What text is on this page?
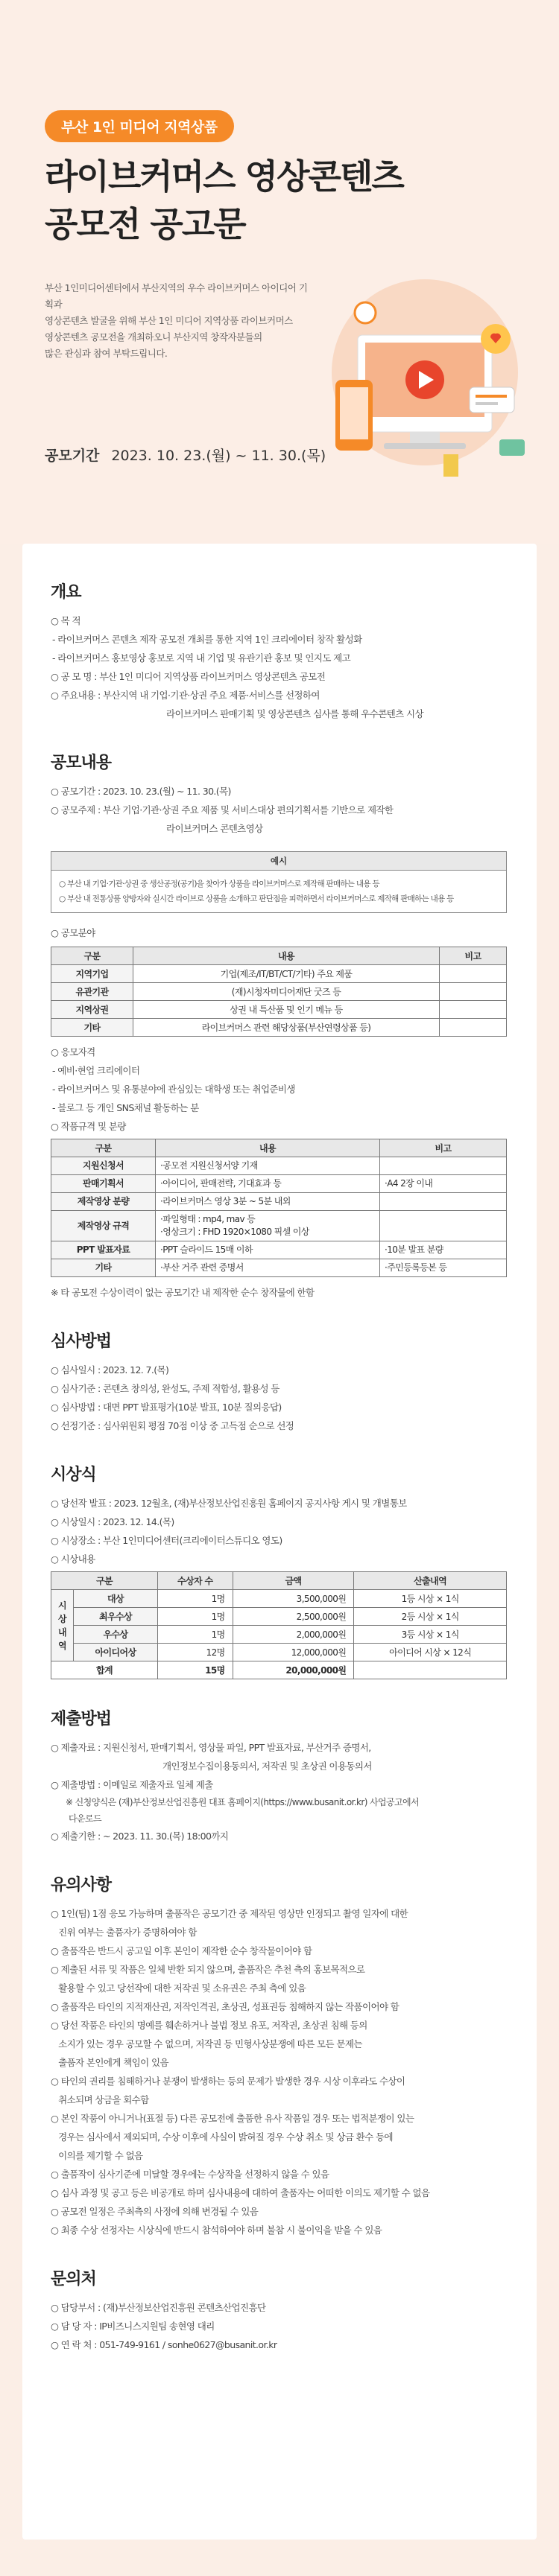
부산 1인 미디어 지역상품
라이브커머스 영상콘텐츠
공모전 공고문
부산 1인미디어센터에서 부산지역의 우수 라이브커머스 아이디어 기획과
영상콘텐츠 발굴을 위해 부산 1인 미디어 지역상품 라이브커머스
영상콘텐츠 공모전을 개최하오니 부산지역 창작자분들의
많은 관심과 참여 부탁드립니다.
공모기간 2023. 10. 23.(월) ~ 11. 30.(목)
개요
○ 목 적
- 라이브커머스 콘텐츠 제작 공모전 개최를 통한 지역 1인 크리에이터 창작 활성화
- 라이브커머스 홍보영상 홍보로 지역 내 기업 및 유관기관 홍보 및 인지도 제고
○ 공 모 명 : 부산 1인 미디어 지역상품 라이브커머스 영상콘텐츠 공모전
○ 주요내용 : 부산지역 내 기업·기관·상권 주요 제품·서비스를 선정하여
라이브커머스 판매기획 및 영상콘텐츠 심사를 통해 우수콘텐츠 시상
공모내용
○ 공모기간 : 2023. 10. 23.(월) ~ 11. 30.(목)
○ 공모주제 : 부산 기업·기관·상권 주요 제품 및 서비스대상 편의기획서를 기반으로 제작한
라이브커머스 콘텐츠영상
예시
○ 부산 내 기업·기관·상권 중 생산공정(공기)을 찾아가 상품을 라이브커머스로 제작해 판매하는 내용 등
○ 부산 내 전통상품 양방자와 실시간 라이브로 상품을 소개하고 판단점을 피력하면서 라이브커머스로 제작해 판매하는 내용 등
○ 공모분야
구분	내용	비고
지역기업	기업(제조/IT/BT/CT/기타) 주요 제품	
유관기관	(재)시청자미디어재단 굿즈 등	
지역상권	상권 내 특산품 및 인기 메뉴 등	
기타	라이브커머스 관련 해당상품(부산연령상품 등)	
○ 응모자격
- 예비·현업 크리에이터
- 라이브커머스 및 유통분야에 관심있는 대학생 또는 취업준비생
- 블로그 등 개인 SNS채널 활동하는 분
○ 작품규격 및 분량
구분	내용	비고
지원신청서	·공모전 지원신청서양 기재	
판매기획서	·아이디어, 판매전략, 기대효과 등	·A4 2장 이내
제작영상 분량	·라이브커머스 영상 3분 ~ 5분 내외	
제작영상 규격	·파일형태 : mp4, mav 등
·영상크기 : FHD 1920×1080 픽셀 이상	
PPT 발표자료	·PPT 슬라이드 15매 이하	·10분 발표 분량
기타	·부산 거주 관련 증명서	·주민등록등본 등
※ 타 공모전 수상이력이 없는 공모기간 내 제작한 순수 창작물에 한함
심사방법
○ 심사일시 : 2023. 12. 7.(목)
○ 심사기준 : 콘텐츠 창의성, 완성도, 주제 적합성, 활용성 등
○ 심사방법 : 대면 PPT 발표평가(10분 발표, 10분 질의응답)
○ 선정기준 : 심사위원회 평점 70점 이상 중 고득점 순으로 선정
시상식
○ 당선작 발표 : 2023. 12월초, (재)부산정보산업진흥원 홈페이지 공지사항 게시 및 개별통보
○ 시상일시 : 2023. 12. 14.(목)
○ 시상장소 : 부산 1인미디어센터(크리에이터스튜디오 영도)
○ 시상내용
구분		수상자 수	금액	산출내역
시
상
내
역	대상	1명	3,500,000원	1등 시상 × 1식
	최우수상	1명	2,500,000원	2등 시상 × 1식
	우수상	1명	2,000,000원	3등 시상 × 1식
	아이디어상	12명	12,000,000원	아이디어 시상 × 12식
합계		15명	20,000,000원	
제출방법
○ 제출자료 : 지원신청서, 판매기획서, 영상물 파일, PPT 발표자료, 부산거주 증명서,
개인정보수집이용동의서, 저작권 및 초상권 이용동의서
○ 제출방법 : 이메일로 제출자료 일체 제출
※ 신청양식은 (재)부산정보산업진흥원 대표 홈페이지(https://www.busanit.or.kr) 사업공고에서
다운로드
○ 제출기한 : ~ 2023. 11. 30.(목) 18:00까지
유의사항
○ 1인(팀) 1점 응모 가능하며 출품작은 공모기간 중 제작된 영상만 인정되고 촬영 일자에 대한
진위 여부는 출품자가 증명하여야 함
○ 출품작은 반드시 공고일 이후 본인이 제작한 순수 창작물이어야 함
○ 제출된 서류 및 작품은 일체 반환 되지 않으며, 출품작은 추천 측의 홍보목적으로
활용할 수 있고 당선작에 대한 저작권 및 소유권은 주최 측에 있음
○ 출품작은 타인의 지적재산권, 저작인격권, 초상권, 성표권등 침해하지 않는 작품이어야 함
○ 당선 작품은 타인의 명예를 훼손하거나 불법 정보 유포, 저작권, 초상권 침해 등의
소지가 있는 경우 공모할 수 없으며, 저작권 등 민형사상분쟁에 따른 모든 문제는
출품자 본인에게 책임이 있음
○ 타인의 권리를 침해하거나 분쟁이 발생하는 등의 문제가 발생한 경우 시상 이후라도 수상이
취소되며 상금을 회수함
○ 본인 작품이 아니거나(표절 등) 다른 공모전에 출품한 유사 작품일 경우 또는 법적분쟁이 있는
경우는 심사에서 제외되며, 수상 이후에 사실이 밝혀질 경우 수상 취소 및 상금 환수 등에
이의를 제기할 수 없음
○ 출품작이 심사기준에 미달할 경우에는 수상작을 선정하지 않을 수 있음
○ 심사 과정 및 공고 등은 비공개로 하며 심사내용에 대하여 출품자는 어떠한 이의도 제기할 수 없음
○ 공모전 일정은 주최측의 사정에 의해 변경될 수 있음
○ 최종 수상 선정자는 시상식에 반드시 참석하여야 하며 불참 시 불이익을 받을 수 있음
문의처
○ 담당부서 : (재)부산정보산업진흥원 콘텐츠산업진흥단
○ 담 당 자 : IP비즈니스지원팀 송현영 대리
○ 연 락 처 : 051-749-9161 / sonhe0627@busanit.or.kr
